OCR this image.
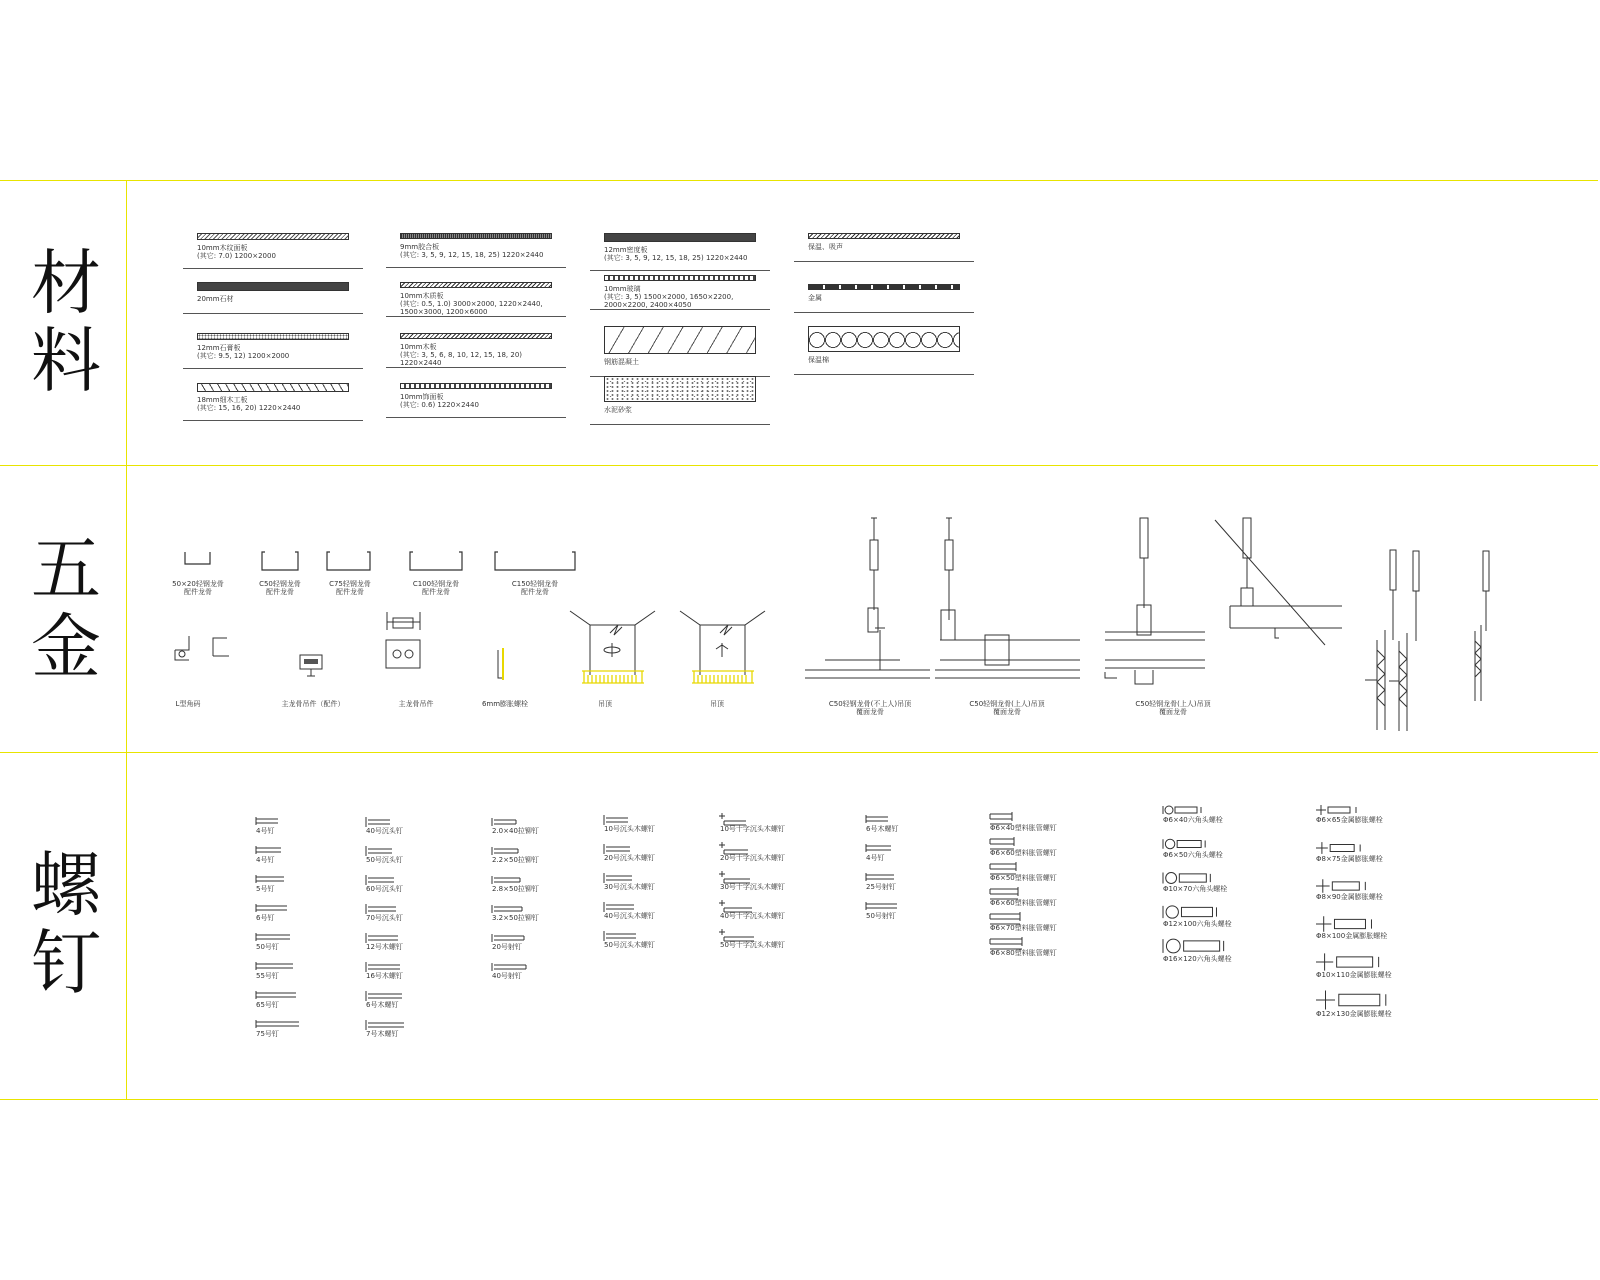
材料
五金
螺钉
10mm木纹面板
(其它: 7.0) 1200×2000
20mm石材
12mm石膏板
(其它: 9.5, 12) 1200×2000
18mm细木工板
(其它: 15, 16, 20) 1220×2440
9mm胶合板
(其它: 3, 5, 9, 12, 15, 18, 25) 1220×2440
10mm木质板
(其它: 0.5, 1.0) 3000×2000, 1220×2440, 1500×3000, 1200×6000
10mm木板
(其它: 3, 5, 6, 8, 10, 12, 15, 18, 20) 1220×2440
10mm饰面板
(其它: 0.6) 1220×2440
12mm密度板
(其它: 3, 5, 9, 12, 15, 18, 25) 1220×2440
10mm玻璃
(其它: 3, 5) 1500×2000, 1650×2200, 2000×2200, 2400×4050
钢筋混凝土
水泥砂浆
保温、吸声
金属
保温棉
50×20轻钢龙骨
配件龙骨
C50轻钢龙骨
配件龙骨
C75轻钢龙骨
配件龙骨
C100轻钢龙骨
配件龙骨
C150轻钢龙骨
配件龙骨
L型角码	主龙骨吊件（配件）	主龙骨吊件	6mm膨胀螺栓	吊顶	吊顶	C50轻钢龙骨(不上人)吊顶
覆面龙骨
C50轻钢龙骨(上人)吊顶
覆面龙骨
C50轻钢龙骨(上人)吊顶
覆面龙骨
4号钉
4号钉
5号钉
6号钉
50号钉
55号钉
65号钉
75号钉
40号沉头钉
50号沉头钉
60号沉头钉
70号沉头钉
12号木螺钉
16号木螺钉
6号木螺钉
7号木螺钉
2.0×40拉铆钉
2.2×50拉铆钉
2.8×50拉铆钉
3.2×50拉铆钉
20号射钉
40号射钉
10号沉头木螺钉
20号沉头木螺钉
30号沉头木螺钉
40号沉头木螺钉
50号沉头木螺钉
10号十字沉头木螺钉
20号十字沉头木螺钉
30号十字沉头木螺钉
40号十字沉头木螺钉
50号十字沉头木螺钉
6号木螺钉
4号钉
25号射钉
50号射钉
Φ6×40塑料胀管螺钉
Φ6×60塑料胀管螺钉
Φ6×50塑料胀管螺钉
Φ6×60塑料胀管螺钉
Φ6×70塑料胀管螺钉
Φ6×80塑料胀管螺钉
Φ6×40六角头螺栓
Φ6×50六角头螺栓
Φ10×70六角头螺栓
Φ12×100六角头螺栓
Φ16×120六角头螺栓
Φ6×65金属膨胀螺栓
Φ8×75金属膨胀螺栓
Φ8×90金属膨胀螺栓
Φ8×100金属膨胀螺栓
Φ10×110金属膨胀螺栓
Φ12×130金属膨胀螺栓
